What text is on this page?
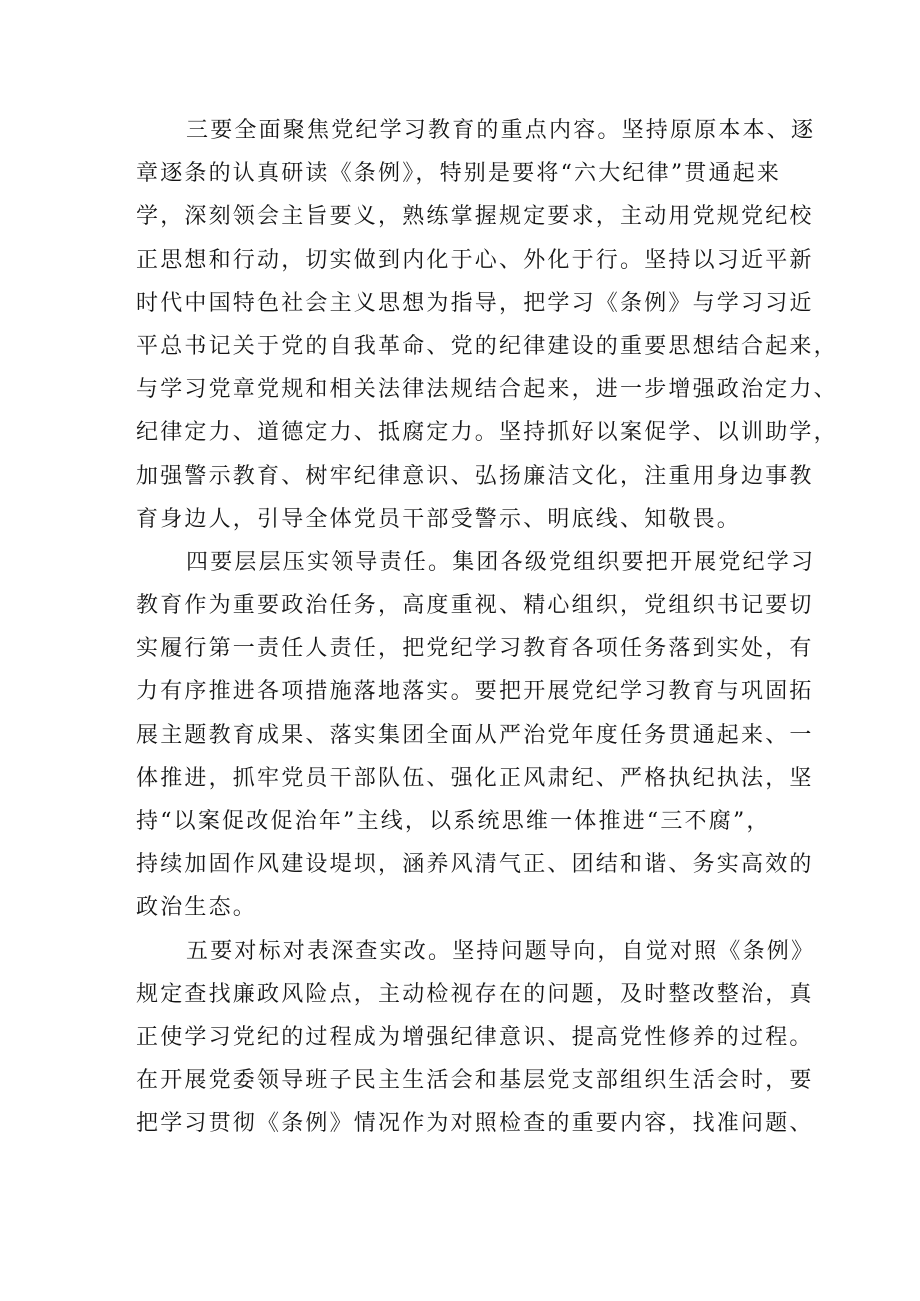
三要全面聚焦党纪学习教育的重点内容。坚持原原本本、逐
章逐条的认真研读《条例》，特别是要将“六大纪律”贯通起来
学，深刻领会主旨要义，熟练掌握规定要求，主动用党规党纪校
正思想和行动，切实做到内化于心、外化于行。坚持以习近平新
时代中国特色社会主义思想为指导，把学习《条例》与学习习近
平总书记关于党的自我革命、党的纪律建设的重要思想结合起来，
与学习党章党规和相关法律法规结合起来，进一步增强政治定力、
纪律定力、道德定力、抵腐定力。坚持抓好以案促学、以训助学，
加强警示教育、树牢纪律意识、弘扬廉洁文化，注重用身边事教
育身边人，引导全体党员干部受警示、明底线、知敬畏。
四要层层压实领导责任。集团各级党组织要把开展党纪学习
教育作为重要政治任务，高度重视、精心组织，党组织书记要切
实履行第一责任人责任，把党纪学习教育各项任务落到实处，有
力有序推进各项措施落地落实。要把开展党纪学习教育与巩固拓
展主题教育成果、落实集团全面从严治党年度任务贯通起来、一
体推进，抓牢党员干部队伍、强化正风肃纪、严格执纪执法，坚
持“以案促改促治年”主线，以系统思维一体推进“三不腐”，
持续加固作风建设堤坝，涵养风清气正、团结和谐、务实高效的
政治生态。
五要对标对表深查实改。坚持问题导向，自觉对照《条例》
规定查找廉政风险点，主动检视存在的问题，及时整改整治，真
正使学习党纪的过程成为增强纪律意识、提高党性修养的过程。
在开展党委领导班子民主生活会和基层党支部组织生活会时，要
把学习贯彻《条例》情况作为对照检查的重要内容，找准问题、
